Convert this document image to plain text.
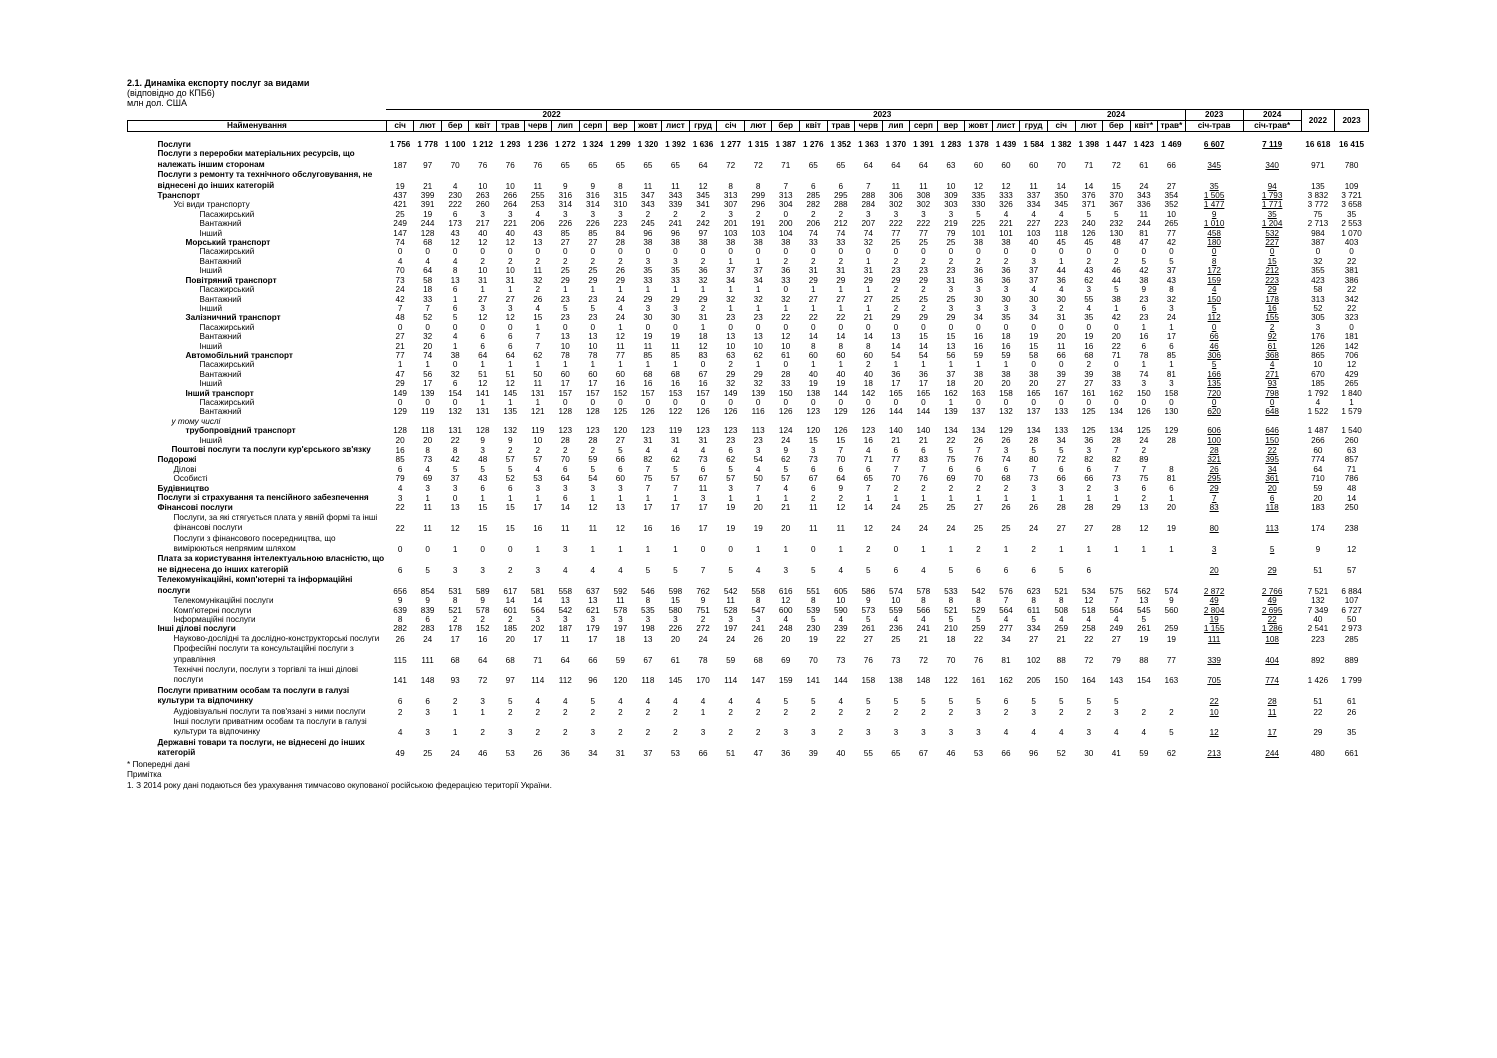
2.1. Динаміка експорту послуг за видами
(відповідно до КПБ6)
млн дол. США
	2022												2023												2024					2023	2024	2022	2023
Найменування	січ	лют	бер	квіт	трав	черв	лип	серп	вер	жовт	лист	груд	січ	лют	бер	квіт	трав	черв	лип	серп	вер	жовт	лист	груд	січ	лют	бер	квіт*	трав*	січ-трав	січ-трав*		
Послуги	1 756	1 778	1 100	1 212	1 293	1 236	1 272	1 324	1 299	1 320	1 392	1 636	1 277	1 315	1 387	1 276	1 352	1 363	1 370	1 391	1 283	1 378	1 439	1 584	1 382	1 398	1 447	1 423	1 469	6 607	7 119	16 618	16 415
Послуги з переробки матеріальних ресурсів, що належать іншим сторонам	187	97	70	76	76	76	65	65	65	65	65	64	72	72	71	65	65	64	64	64	63	60	60	60	70	71	72	61	66	345	340	971	780
Послуги з ремонту та технічного обслуговування, не віднесені до інших категорій	19	21	4	10	10	11	9	9	8	11	11	12	8	8	7	6	6	7	11	11	10	12	12	11	14	14	15	24	27	35	94	135	109
Транспорт	437	399	230	263	266	255	316	316	315	347	343	345	313	299	313	285	295	288	306	308	309	335	333	337	350	376	370	343	354	1 505	1 793	3 832	3 721
Усі види транспорту	421	391	222	260	264	253	314	314	310	343	339	341	307	296	304	282	288	284	302	302	303	330	326	334	345	371	367	336	352	1 477	1 771	3 772	3 658
Пасажирський	25	19	6	3	3	4	3	3	3	2	2	2	3	2	0	2	2	3	3	3	3	5	4	4	4	5	5	11	10	9	35	75	35
Вантажний	249	244	173	217	221	206	226	226	223	245	241	242	201	191	200	206	212	207	222	222	219	225	221	227	223	240	232	244	265	1 010	1 204	2 713	2 553
Інший	147	128	43	40	40	43	85	85	84	96	96	97	103	103	104	74	74	74	77	77	79	101	101	103	118	126	130	81	77	458	532	984	1 070
Морський транспорт	74	68	12	12	12	13	27	27	28	38	38	38	38	38	38	33	33	32	25	25	25	38	38	40	45	45	48	47	42	180	227	387	403
Пасажирський	0	0	0	0	0	0	0	0	0	0	0	0	0	0	0	0	0	0	0	0	0	0	0	0	0	0	0	0	0	0	0	0	0
Вантажний	4	4	4	2	2	2	2	2	2	3	3	2	1	1	2	2	2	1	2	2	2	2	2	3	1	2	2	5	5	8	15	32	22
Інший	70	64	8	10	10	11	25	25	26	35	35	36	37	37	36	31	31	31	23	23	23	36	36	37	44	43	46	42	37	172	212	355	381
Повітряний транспорт	73	58	13	31	31	32	29	29	29	33	33	32	34	34	33	29	29	29	29	29	31	36	36	37	36	62	44	38	43	159	223	423	386
Пасажирський	24	18	6	1	1	2	1	1	1	1	1	1	1	1	0	1	1	1	2	2	3	3	3	4	4	3	5	9	8	4	29	58	22
Вантажний	42	33	1	27	27	26	23	23	24	29	29	29	32	32	32	27	27	27	25	25	25	30	30	30	30	55	38	23	32	150	178	313	342
Інший	7	7	6	3	3	4	5	5	4	3	3	2	1	1	1	1	1	1	2	2	3	3	3	3	2	4	1	6	3	5	16	52	22
Залізничний транспорт	48	52	5	12	12	15	23	23	24	30	30	31	23	23	22	22	22	21	29	29	29	34	35	34	31	35	42	23	24	112	155	305	323
Пасажирський	0	0	0	0	0	1	0	0	1	0	0	1	0	0	0	0	0	0	0	0	0	0	0	0	0	0	0	1	1	0	2	3	0
Вантажний	27	32	4	6	6	7	13	13	12	19	19	18	13	13	12	14	14	14	13	15	15	16	18	19	20	19	20	16	17	66	92	176	181
Інший	21	20	1	6	6	7	10	10	11	11	11	12	10	10	10	8	8	8	14	14	13	16	16	15	11	16	22	6	6	46	61	126	142
Автомобільний транспорт	77	74	38	64	64	62	78	78	77	85	85	83	63	62	61	60	60	60	54	54	56	59	59	58	66	68	71	78	85	306	368	865	706
Пасажирський	1	1	0	1	1	1	1	1	1	1	1	0	2	1	0	1	1	2	1	1	1	1	1	0	0	2	0	1	1	5	4	10	12
Вантажний	47	56	32	51	51	50	60	60	60	68	68	67	29	29	28	40	40	40	36	36	37	38	38	38	39	39	38	74	81	166	271	670	429
Інший	29	17	6	12	12	11	17	17	16	16	16	16	32	32	33	19	19	18	17	17	18	20	20	20	27	27	33	3	3	135	93	185	265
Інший транспорт	149	139	154	141	145	131	157	157	152	157	153	157	149	139	150	138	144	142	165	165	162	163	158	165	167	161	162	150	158	720	798	1 792	1 840
Пасажирський	0	0	0	1	1	1	0	0	0	0	0	0	0	0	0	0	0	0	0	0	1	0	0	0	0	0	0	0	0	0	0	4	1
Вантажний	129	119	132	131	135	121	128	128	125	126	122	126	126	116	126	123	129	126	144	144	139	137	132	137	133	125	134	126	130	620	648	1 522	1 579
у тому числі																																	
трубопровідний транспорт	128	118	131	128	132	119	123	123	120	123	119	123	123	113	124	120	126	123	140	140	134	134	129	134	133	125	134	125	129	606	646	1 487	1 540
Інший	20	20	22	9	9	10	28	28	27	31	31	31	23	23	24	15	15	16	21	21	22	26	26	28	34	36	28	24	28	100	150	266	260
Поштові послуги та послуги кур'єрського зв'язку	16	8	8	3	2	2	2	2	5	4	4	4	6	3	9	3	7	4	6	6	5	7	3	5	5	3	7	2		28	22	60	63
Подорожі	85	73	42	48	57	57	70	59	66	82	62	73	62	54	62	73	70	71	77	83	75	76	74	80	72	82	82	89		321	395	774	857
Ділові	6	4	5	5	5	4	6	5	6	7	5	6	5	4	5	6	6	6	7	7	6	6	6	7	6	6	7	7	8	26	34	64	71
Особисті	79	69	37	43	52	53	64	54	60	75	57	67	57	50	57	67	64	65	70	76	69	70	68	73	66	66	73	75	81	295	361	710	786
Будівництво	4	3	3	6	6	3	3	3	3	7	7	11	3	7	4	6	9	7	2	2	2	2	2	3	3	2	3	6	6	29	20	59	48
Послуги зі страхування та пенсійного забезпечення	3	1	0	1	1	1	6	1	1	1	1	3	1	1	1	2	2	1	1	1	1	1	1	1	1	1	1	2	1	7	6	20	14
Фінансові послуги	22	11	13	15	15	17	14	12	13	17	17	17	19	20	21	11	12	14	24	25	25	27	26	26	28	28	29	13	20	83	118	183	250
Послуги, за які стягується плата у явній формі та інші фінансові послуги	22	11	12	15	15	16	11	11	12	16	16	17	19	19	20	11	11	12	24	24	24	25	25	24	27	27	28	12	19	80	113	174	238
Послуги з фінансового посередництва, що вимірюються непрямим шляхом	0	0	1	0	0	1	3	1	1	1	1	0	0	1	1	0	1	2	0	1	1	2	1	2	1	1	1	1	1	3	5	9	12
Плата за користування інтелектуальною власністю, що не віднесена до інших категорій	6	5	3	3	2	3	4	4	4	5	5	7	5	4	3	5	4	5	6	4	5	6	6	6	5	6				20	29	51	57
Телекомунікаційні, комп'ютерні та інформаційні послуги	656	854	531	589	617	581	558	637	592	546	598	762	542	558	616	551	605	586	574	578	533	542	576	623	521	534	575	562	574	2 872	2 766	7 521	6 884
Телекомунікаційні послуги	9	9	8	9	14	14	13	13	11	8	15	9	11	8	12	8	10	9	10	8	8	8	7	8	8	12	7	13	9	49	49	132	107
Комп'ютерні послуги	639	839	521	578	601	564	542	621	578	535	580	751	528	547	600	539	590	573	559	566	521	529	564	611	508	518	564	545	560	2 804	2 695	7 349	6 727
Інформаційні послуги	8	6	2	2	2	3	3	3	3	3	3	2	3	3	4	5	4	5	4	4	5	5	4	5	4	4	4	5		19	22	40	50
Інші ділові послуги	282	283	178	152	185	202	187	179	197	198	226	272	197	241	248	230	239	261	236	241	210	259	277	334	259	258	249	261	259	1 155	1 286	2 541	2 973
Науково-дослідні та дослідно-конструкторські послуги	26	24	17	16	20	17	11	17	18	13	20	24	24	26	20	19	22	27	25	21	18	22	34	27	21	22	27	19	19	111	108	223	285
Професійні послуги та консультаційні послуги з управління	115	111	68	64	68	71	64	66	59	67	61	78	59	68	69	70	73	76	73	72	70	76	81	102	88	72	79	88	77	339	404	892	889
Технічні послуги, послуги з торгівлі та інші ділові послуги	141	148	93	72	97	114	112	96	120	118	145	170	114	147	159	141	144	158	138	148	122	161	162	205	150	164	143	154	163	705	774	1 426	1 799
Послуги приватним особам та послуги в галузі культури та відпочинку	6	6	2	3	5	4	4	5	4	4	4	4	4	4	5	5	4	5	5	5	5	5	6	5	5	5	5			22	28	51	61
Аудіовізуальні послуги та пов'язані з ними послуги	2	3	1	1	2	2	2	2	2	2	2	1	2	2	2	2	2	2	2	2	2	3	2	3	2	2	3	2	2	10	11	22	26
Інші послуги приватним особам та послуги в галузі культури та відпочинку	4	3	1	2	3	2	2	3	2	2	2	3	2	2	3	3	2	3	3	3	3	3	4	4	4	3	4	4	5	12	17	29	35
Державні товари та послуги, не віднесені до інших категорій	49	25	24	46	53	26	36	34	31	37	53	66	51	47	36	39	40	55	65	67	46	53	66	96	52	30	41	59	62	213	244	480	661
* Попередні дані
Примітка
1. З 2014 року дані подаються без урахування тимчасово окупованої російською федерацією території України.
